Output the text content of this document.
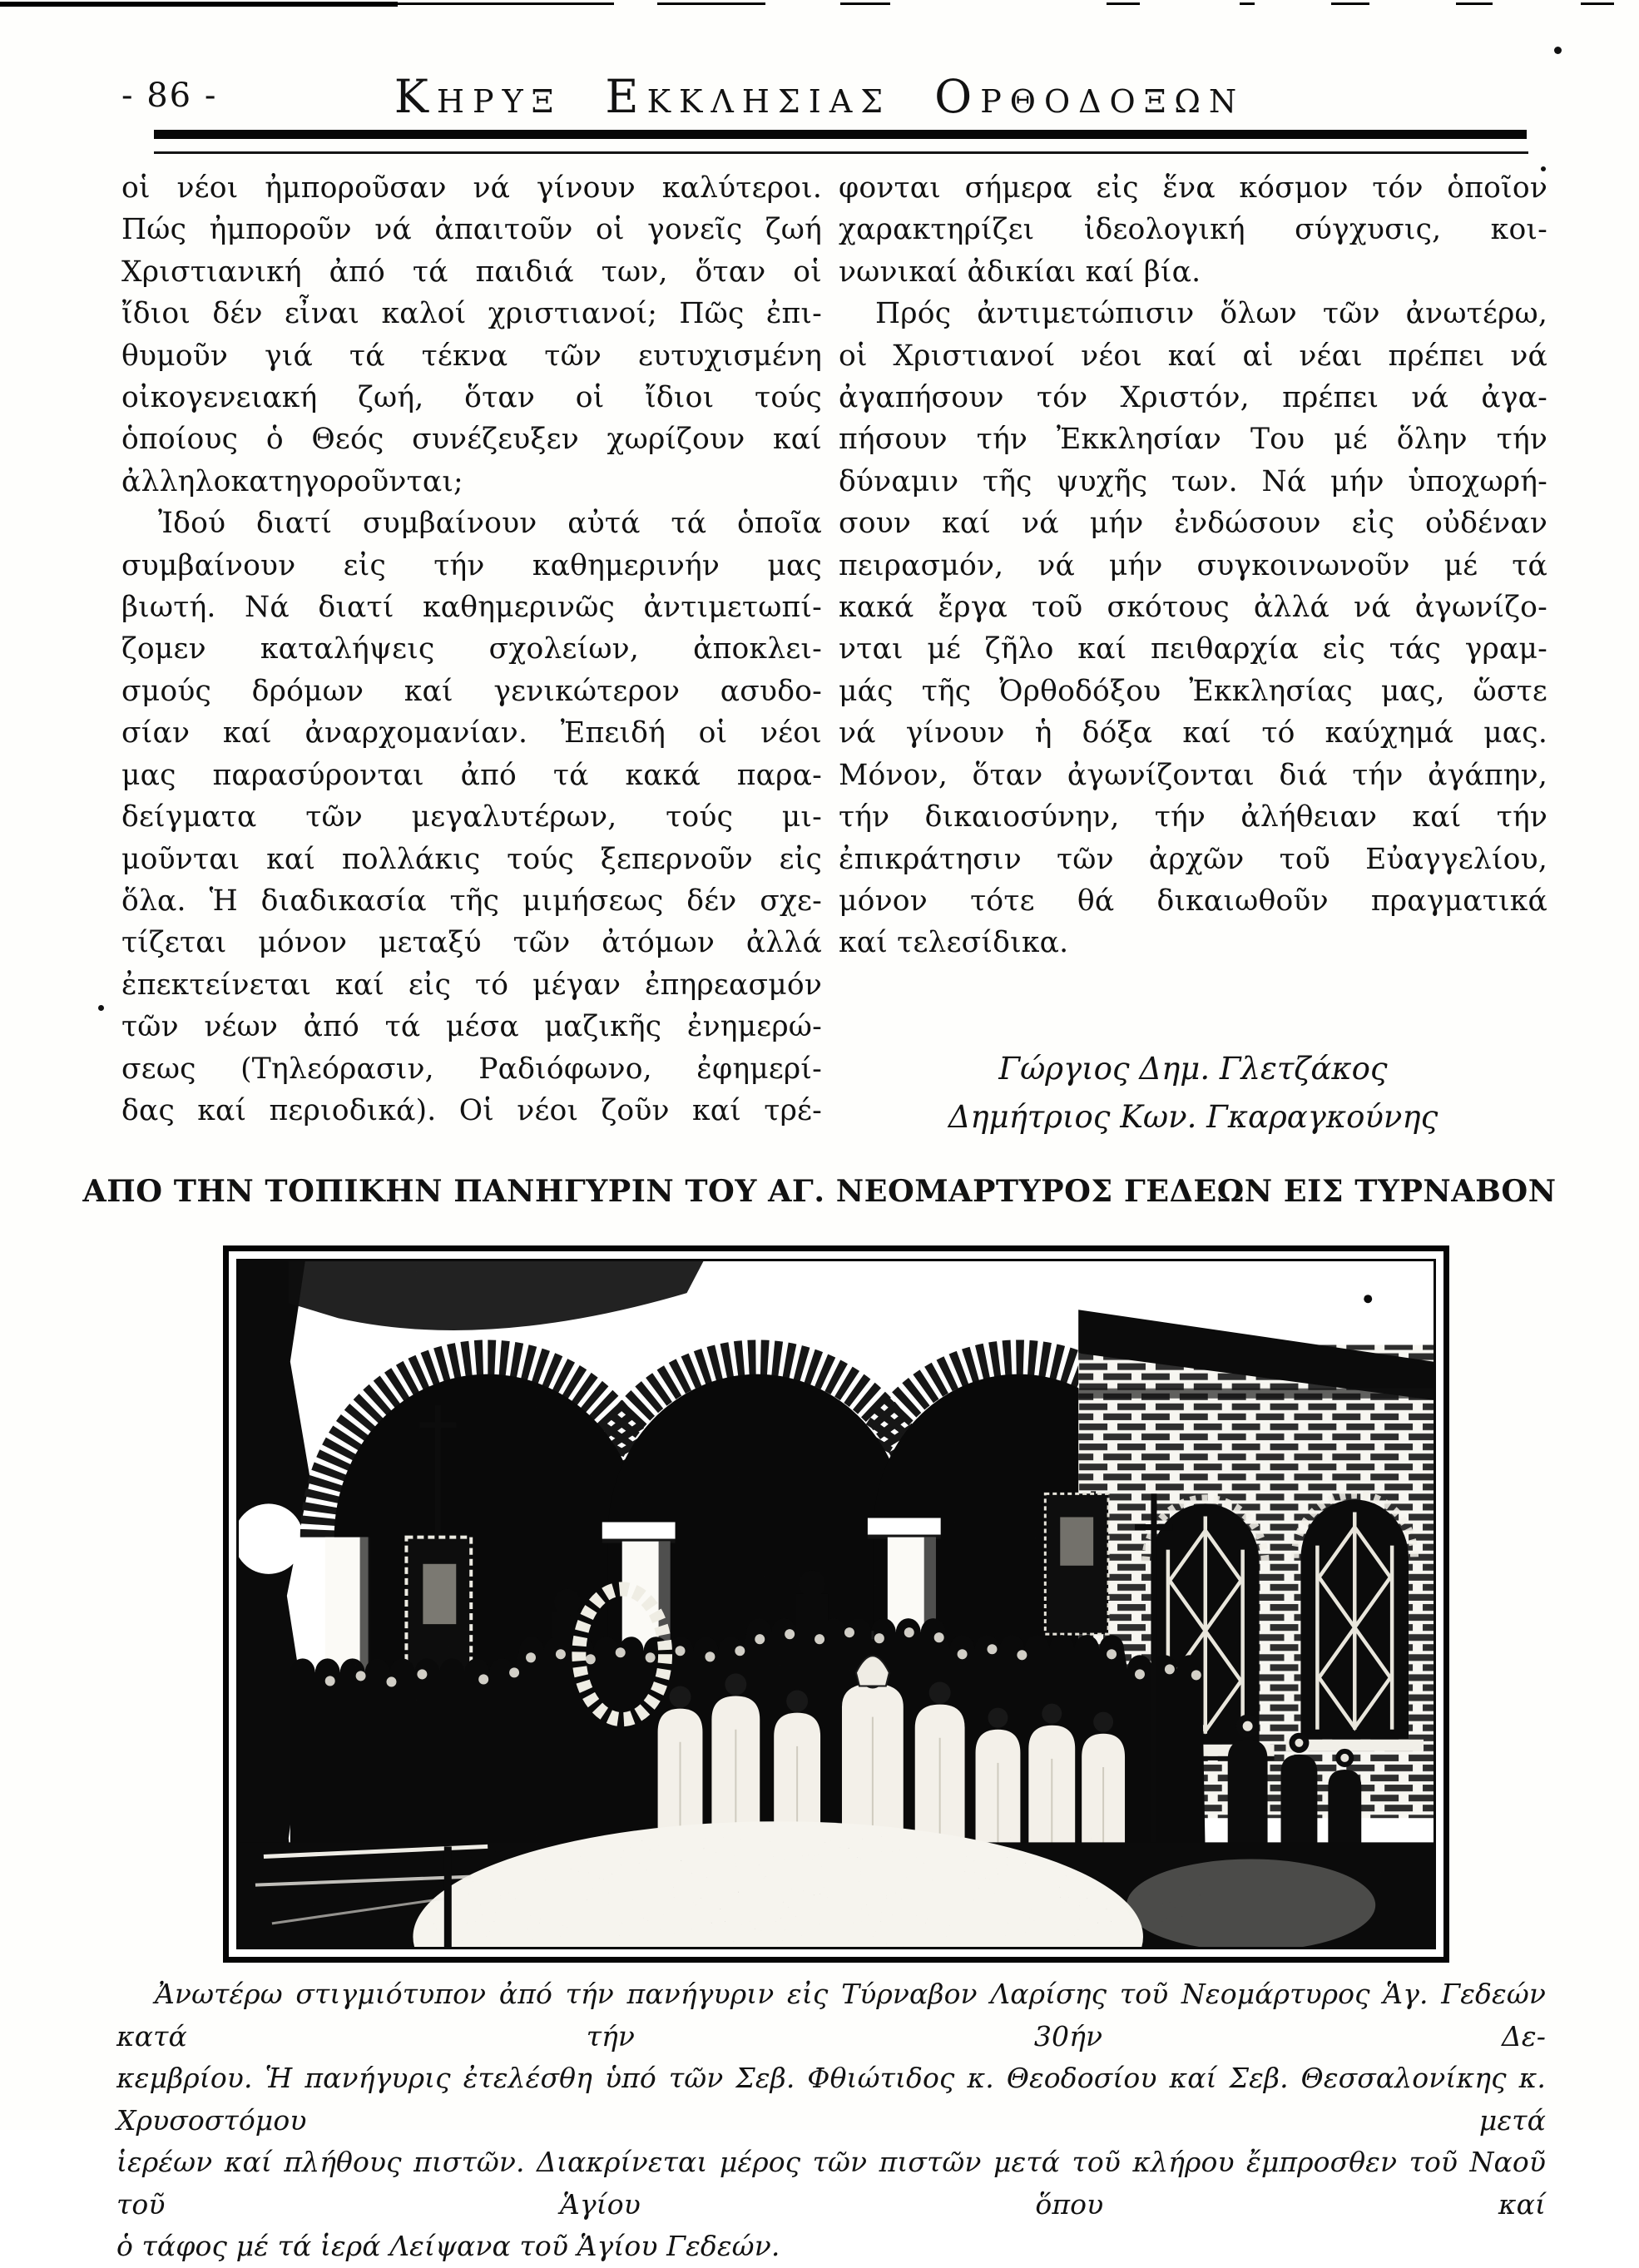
- 86 -	ΚΗΡΥΞ ΕΚΚΛΗΣΙΑΣ ΟΡΘΟΔΟΞΩΝ
οἱ νέοι ἠμποροῦσαν νά γίνουν καλύτεροι.
Πώς ἠμποροῦν νά ἀπαιτοῦν οἱ γονεῖς ζωή
Χριστιανική ἀπό τά παιδιά των, ὅταν οἱ
ἴδιοι δέν εἶναι καλοί χριστιανοί; Πῶς ἐπι-
θυμοῦν γιά τά τέκνα τῶν ευτυχισμένη
οἰκογενειακή ζωή, ὅταν οἱ ἴδιοι τούς
ὁποίους ὁ Θεός συνέζευξεν χωρίζουν καί
ἀλληλοκατηγοροῦνται;
Ἰδού διατί συμβαίνουν αὐτά τά ὁποῖα
συμβαίνουν εἰς τήν καθημερινήν μας
βιωτή. Νά διατί καθημερινῶς ἀντιμετωπί-
ζομεν καταλήψεις σχολείων, ἀποκλει-
σμούς δρόμων καί γενικώτερον ασυδο-
σίαν καί ἀναρχομανίαν. Ἐπειδή οἱ νέοι
μας παρασύρονται ἀπό τά κακά παρα-
δείγματα τῶν μεγαλυτέρων, τούς μι-
μοῦνται καί πολλάκις τούς ξεπερνοῦν εἰς
ὅλα. Ἡ διαδικασία τῆς μιμήσεως δέν σχε-
τίζεται μόνον μεταξύ τῶν ἀτόμων ἀλλά
ἐπεκτείνεται καί εἰς τό μέγαν ἐπηρεασμόν
τῶν νέων ἀπό τά μέσα μαζικῆς ἐνημερώ-
σεως (Τηλεόρασιν, Ραδιόφωνο, ἐφημερί-
δας καί περιοδικά). Οἱ νέοι ζοῦν καί τρέ-
φονται σήμερα εἰς ἕνα κόσμον τόν ὁποῖον
χαρακτηρίζει ἰδεολογική σύγχυσις, κοι-
νωνικαί ἀδικίαι καί βία.
Πρός ἀντιμετώπισιν ὅλων τῶν ἀνωτέρω,
οἱ Χριστιανοί νέοι καί αἱ νέαι πρέπει νά
ἀγαπήσουν τόν Χριστόν, πρέπει νά ἀγα-
πήσουν τήν Ἐκκλησίαν Του μέ ὅλην τήν
δύναμιν τῆς ψυχῆς των. Νά μήν ὑποχωρή-
σουν καί νά μήν ἐνδώσουν εἰς οὐδέναν
πειρασμόν, νά μήν συγκοινωνοῦν μέ τά
κακά ἔργα τοῦ σκότους ἀλλά νά ἀγωνίζο-
νται μέ ζῆλο καί πειθαρχία εἰς τάς γραμ-
μάς τῆς Ὀρθοδόξου Ἐκκλησίας μας, ὥστε
νά γίνουν ἡ δόξα καί τό καύχημά μας.
Μόνον, ὅταν ἀγωνίζονται διά τήν ἀγάπην,
τήν δικαιοσύνην, τήν ἀλήθειαν καί τήν
ἐπικράτησιν τῶν ἀρχῶν τοῦ Εὐαγγελίου,
μόνον τότε θά δικαιωθοῦν πραγματικά
καί τελεσίδικα.
Γώργιος Δημ. Γλετζάκος
Δημήτριος Κων. Γκαραγκούνης
ΑΠΟ ΤΗΝ ΤΟΠΙΚΗΝ ΠΑΝΗΓΥΡΙΝ ΤΟΥ ΑΓ. ΝΕΟΜΑΡΤΥΡΟΣ ΓΕΔΕΩΝ ΕΙΣ ΤΥΡΝΑΒΟΝ
Ἀνωτέρω στιγμιότυπον ἀπό τήν πανήγυριν εἰς Τύρναβον Λαρίσης τοῦ Νεομάρτυρος Ἁγ. Γεδεών κατά τήν 30ήν Δε-
κεμβρίου. Ἡ πανήγυρις ἐτελέσθη ὑπό τῶν Σεβ. Φθιώτιδος κ. Θεοδοσίου καί Σεβ. Θεσσαλονίκης κ. Χρυσοστόμου μετά
ἱερέων καί πλήθους πιστῶν. Διακρίνεται μέρος τῶν πιστῶν μετά τοῦ κλήρου ἔμπροσθεν τοῦ Ναοῦ τοῦ Ἁγίου ὅπου καί
ὁ τάφος μέ τά ἱερά Λείψανα τοῦ Ἁγίου Γεδεών.
